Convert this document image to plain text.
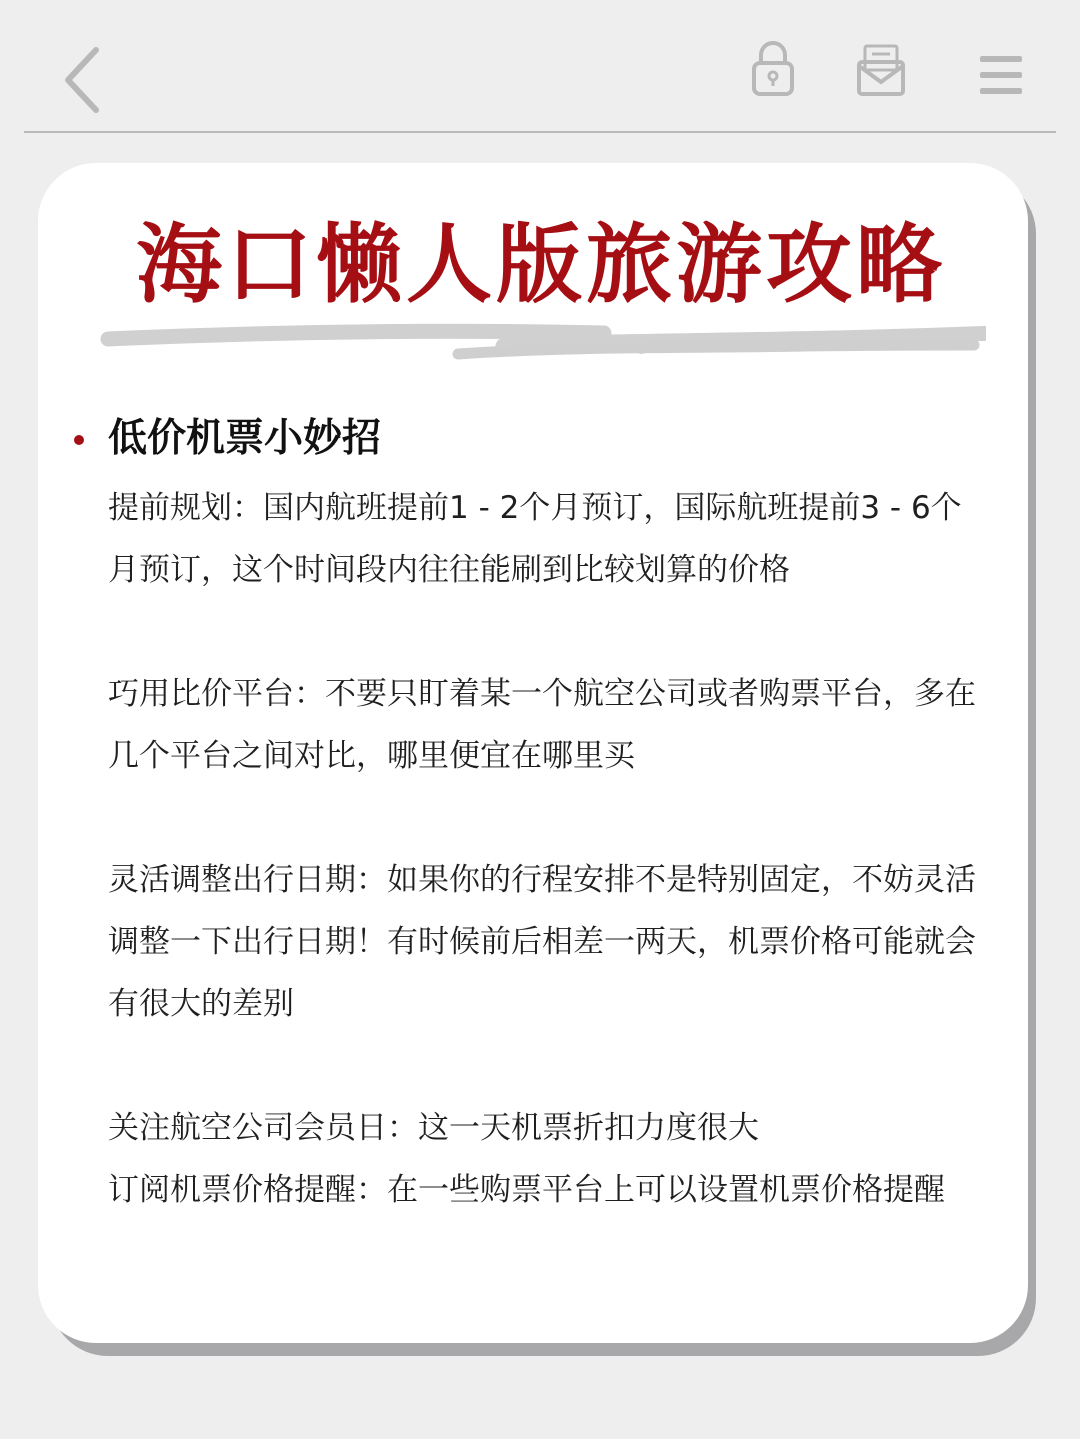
海口懒人版旅游攻略
低价机票小妙招

提前规划：国内航班提前1 - 2个月预订，国际航班提前3 - 6个月预订，这个时间段内往往能刷到比较划算的价格

巧用比价平台：不要只盯着某一个航空公司或者购票平台，多在几个平台之间对比，哪里便宜在哪里买

灵活调整出行日期：如果你的行程安排不是特别固定，不妨灵活调整一下出行日期！有时候前后相差一两天，机票价格可能就会有很大的差别

关注航空公司会员日：这一天机票折扣力度很大

订阅机票价格提醒：在一些购票平台上可以设置机票价格提醒
